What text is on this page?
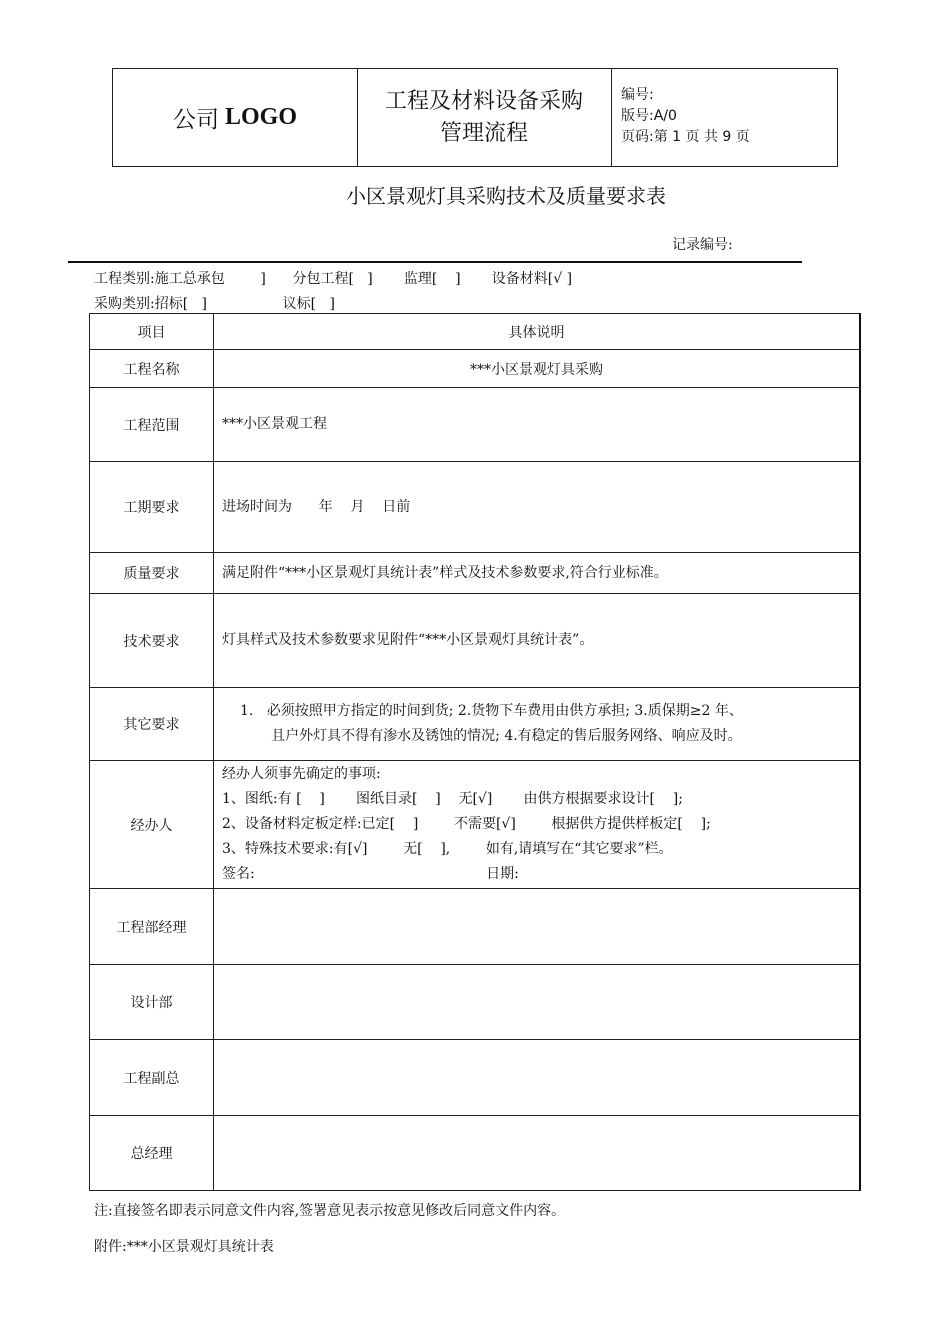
公司 LOGO
工程及材料设备采购
管理流程
编号:
版号:A/0
页码:第 1 页 共 9 页
小区景观灯具采购技术及质量要求表
记录编号:
工程类别:施工总承包        ]      分包工程[   ]       监理[    ]       设备材料[√ ]
采购类别:招标[   ]                 议标[   ]
项目	具体说明
工程名称	***小区景观灯具采购
工程范围	***小区景观工程
工期要求	进场时间为      年    月    日前
质量要求	满足附件“***小区景观灯具统计表”样式及技术参数要求,符合行业标准。
技术要求	灯具样式及技术参数要求见附件“***小区景观灯具统计表”。
其它要求	1.   必须按照甲方指定的时间到货; 2.货物下车费用由供方承担; 3.质保期≥2 年、
且户外灯具不得有渗水及锈蚀的情况; 4.有稳定的售后服务网络、响应及时。

经办人	经办人须事先确定的事项:
1、图纸:有 [    ]       图纸目录[    ]    无[√]       由供方根据要求设计[    ];
2、设备材料定板定样:已定[    ]        不需要[√]        根据供方提供样板定[    ];
3、特殊技术要求:有[√]        无[    ],        如有,请填写在“其它要求”栏。
签名:                                                    日期:

工程部经理	
设计部	
工程副总	
总经理	
注:直接签名即表示同意文件内容,签署意见表示按意见修改后同意文件内容。
附件:***小区景观灯具统计表
